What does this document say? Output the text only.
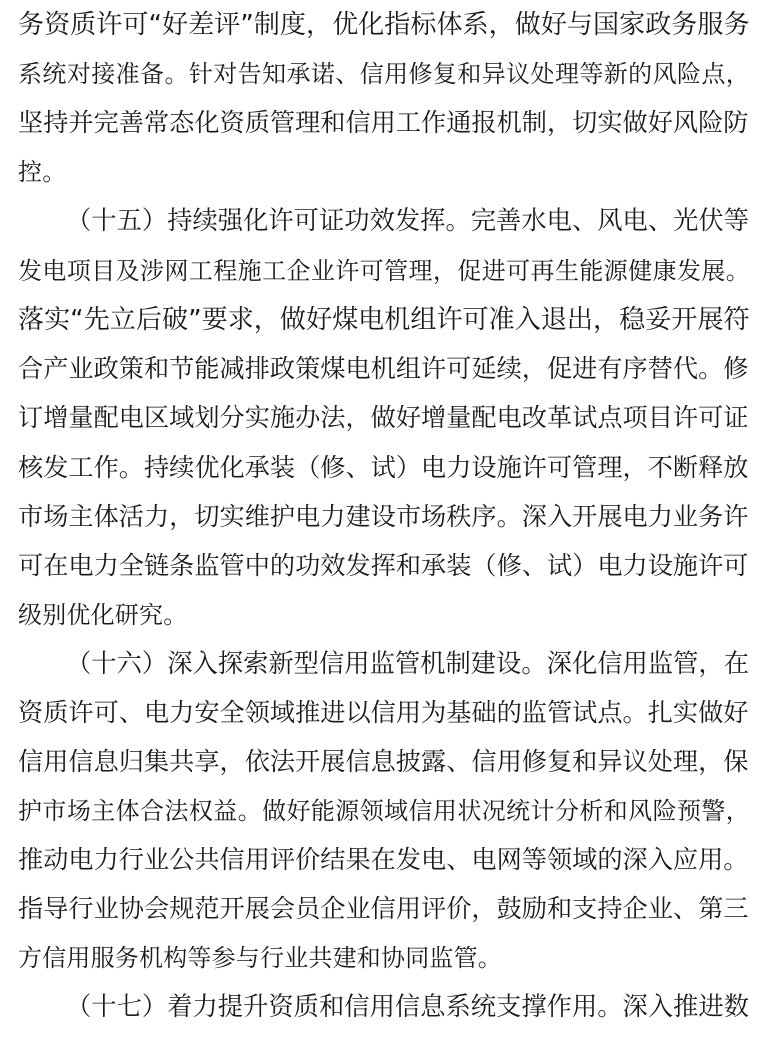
务资质许可“好差评”制度，优化指标体系，做好与国家政务服务
系统对接准备。针对告知承诺、信用修复和异议处理等新的风险点，
坚持并完善常态化资质管理和信用工作通报机制，切实做好风险防
控。
（十五）持续强化许可证功效发挥。完善水电、风电、光伏等
发电项目及涉网工程施工企业许可管理，促进可再生能源健康发展。
落实“先立后破”要求，做好煤电机组许可准入退出，稳妥开展符
合产业政策和节能减排政策煤电机组许可延续，促进有序替代。修
订增量配电区域划分实施办法，做好增量配电改革试点项目许可证
核发工作。持续优化承装（修、试）电力设施许可管理，不断释放
市场主体活力，切实维护电力建设市场秩序。深入开展电力业务许
可在电力全链条监管中的功效发挥和承装（修、试）电力设施许可
级别优化研究。
（十六）深入探索新型信用监管机制建设。深化信用监管，在
资质许可、电力安全领域推进以信用为基础的监管试点。扎实做好
信用信息归集共享，依法开展信息披露、信用修复和异议处理，保
护市场主体合法权益。做好能源领域信用状况统计分析和风险预警，
推动电力行业公共信用评价结果在发电、电网等领域的深入应用。
指导行业协会规范开展会员企业信用评价，鼓励和支持企业、第三
方信用服务机构等参与行业共建和协同监管。
（十七）着力提升资质和信用信息系统支撑作用。深入推进数
